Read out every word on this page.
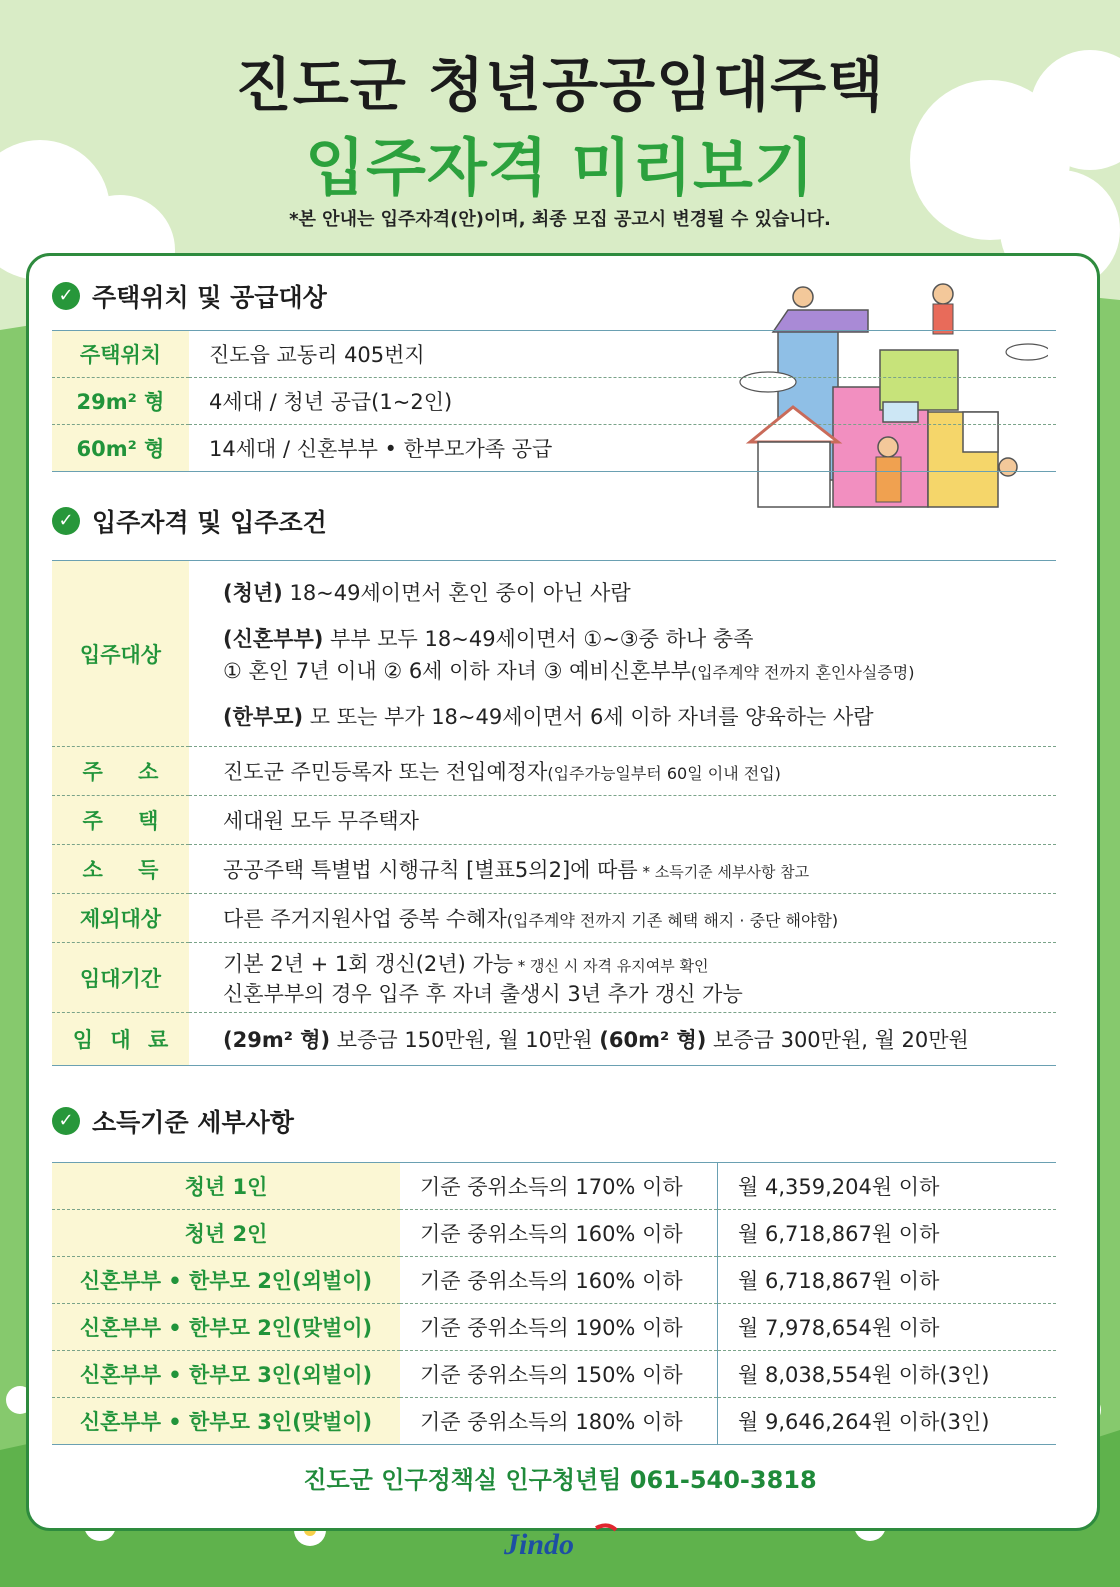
진도군 청년공공임대주택
입주자격 미리보기
*본 안내는 입주자격(안)이며, 최종 모집 공고시 변경될 수 있습니다.
✓ 주택위치 및 공급대상
주택위치	진도읍 교동리 405번지
29m² 형	4세대 / 청년 공급(1~2인)
60m² 형	14세대 / 신혼부부 • 한부모가족 공급
✓ 입주자격 및 입주조건
입주대상	(청년) 18~49세이면서 혼인 중이 아닌 사람
(신혼부부) 부부 모두 18~49세이면서 ①~③중 하나 충족
① 혼인 7년 이내 ② 6세 이하 자녀 ③ 예비신혼부부(입주계약 전까지 혼인사실증명)
(한부모) 모 또는 부가 18~49세이면서 6세 이하 자녀를 양육하는 사람

주 소	진도군 주민등록자 또는 전입예정자(입주가능일부터 60일 이내 전입)
주 택	세대원 모두 무주택자
소 득	공공주택 특별법 시행규칙 [별표5의2]에 따름 * 소득기준 세부사항 참고
제외대상	다른 주거지원사업 중복 수혜자(입주계약 전까지 기존 혜택 해지 · 중단 해야함)
임대기간	기본 2년 + 1회 갱신(2년) 가능 * 갱신 시 자격 유지여부 확인
신혼부부의 경우 입주 후 자녀 출생시 3년 추가 갱신 가능

임 대 료	(29m² 형) 보증금 150만원, 월 10만원 (60m² 형) 보증금 300만원, 월 20만원
✓ 소득기준 세부사항
청년 1인	기준 중위소득의 170% 이하	월 4,359,204원 이하
청년 2인	기준 중위소득의 160% 이하	월 6,718,867원 이하
신혼부부 • 한부모 2인(외벌이)	기준 중위소득의 160% 이하	월 6,718,867원 이하
신혼부부 • 한부모 2인(맞벌이)	기준 중위소득의 190% 이하	월 7,978,654원 이하
신혼부부 • 한부모 3인(외벌이)	기준 중위소득의 150% 이하	월 8,038,554원 이하(3인)
신혼부부 • 한부모 3인(맞벌이)	기준 중위소득의 180% 이하	월 9,646,264원 이하(3인)
진도군 인구정책실 인구청년팀 061-540-3818
Jindo
